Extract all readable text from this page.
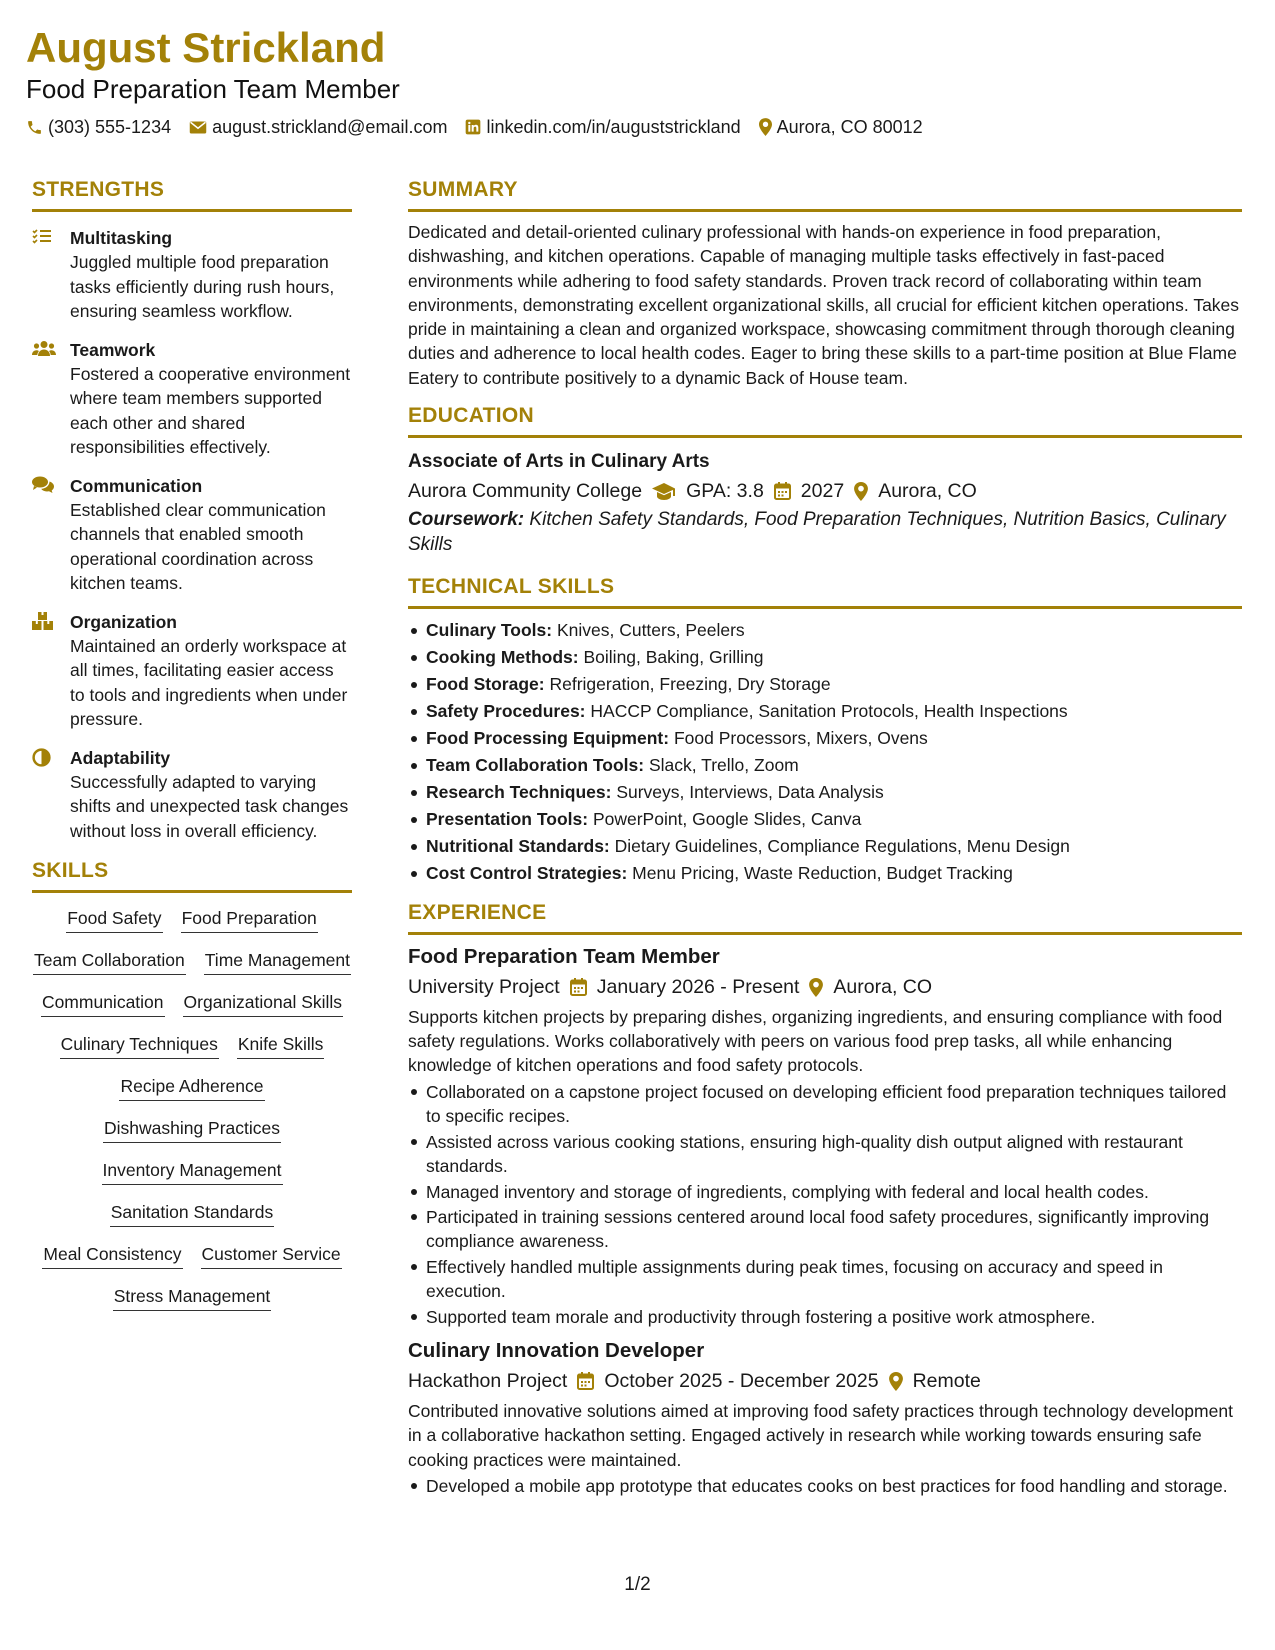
August Strickland
Food Preparation Team Member
(303) 555-1234 august.strickland@email.com linkedin.com/in/auguststrickland Aurora, CO 80012
STRENGTHS
Multitasking
Juggled multiple food preparation tasks efficiently during rush hours, ensuring seamless workflow.
Teamwork
Fostered a cooperative environment where team members supported each other and shared responsibilities effectively.
Communication
Established clear communication channels that enabled smooth operational coordination across kitchen teams.
Organization
Maintained an orderly workspace at all times, facilitating easier access to tools and ingredients when under pressure.
Adaptability
Successfully adapted to varying shifts and unexpected task changes without loss in overall efficiency.
SKILLS
Food Safety Food Preparation
Team Collaboration Time Management
Communication Organizational Skills
Culinary Techniques Knife Skills
Recipe Adherence
Dishwashing Practices
Inventory Management
Sanitation Standards
Meal Consistency Customer Service
Stress Management
SUMMARY
Dedicated and detail-oriented culinary professional with hands-on experience in food preparation, dishwashing, and kitchen operations. Capable of managing multiple tasks effectively in fast-paced environments while adhering to food safety standards. Proven track record of collaborating within team environments, demonstrating excellent organizational skills, all crucial for efficient kitchen operations. Takes pride in maintaining a clean and organized workspace, showcasing commitment through thorough cleaning duties and adherence to local health codes. Eager to bring these skills to a part-time position at Blue Flame Eatery to contribute positively to a dynamic Back of House team.
EDUCATION
Associate of Arts in Culinary Arts
Aurora Community College GPA: 3.8 2027 Aurora, CO
Coursework: Kitchen Safety Standards, Food Preparation Techniques, Nutrition Basics, Culinary Skills
TECHNICAL SKILLS
Culinary Tools: Knives, Cutters, Peelers
Cooking Methods: Boiling, Baking, Grilling
Food Storage: Refrigeration, Freezing, Dry Storage
Safety Procedures: HACCP Compliance, Sanitation Protocols, Health Inspections
Food Processing Equipment: Food Processors, Mixers, Ovens
Team Collaboration Tools: Slack, Trello, Zoom
Research Techniques: Surveys, Interviews, Data Analysis
Presentation Tools: PowerPoint, Google Slides, Canva
Nutritional Standards: Dietary Guidelines, Compliance Regulations, Menu Design
Cost Control Strategies: Menu Pricing, Waste Reduction, Budget Tracking
EXPERIENCE
Food Preparation Team Member
University Project January 2026 - Present Aurora, CO
Supports kitchen projects by preparing dishes, organizing ingredients, and ensuring compliance with food safety regulations. Works collaboratively with peers on various food prep tasks, all while enhancing knowledge of kitchen operations and food safety protocols.
Collaborated on a capstone project focused on developing efficient food preparation techniques tailored to specific recipes.
Assisted across various cooking stations, ensuring high-quality dish output aligned with restaurant standards.
Managed inventory and storage of ingredients, complying with federal and local health codes.
Participated in training sessions centered around local food safety procedures, significantly improving compliance awareness.
Effectively handled multiple assignments during peak times, focusing on accuracy and speed in execution.
Supported team morale and productivity through fostering a positive work atmosphere.
Culinary Innovation Developer
Hackathon Project October 2025 - December 2025 Remote
Contributed innovative solutions aimed at improving food safety practices through technology development in a collaborative hackathon setting. Engaged actively in research while working towards ensuring safe cooking practices were maintained.
Developed a mobile app prototype that educates cooks on best practices for food handling and storage.
1/2
